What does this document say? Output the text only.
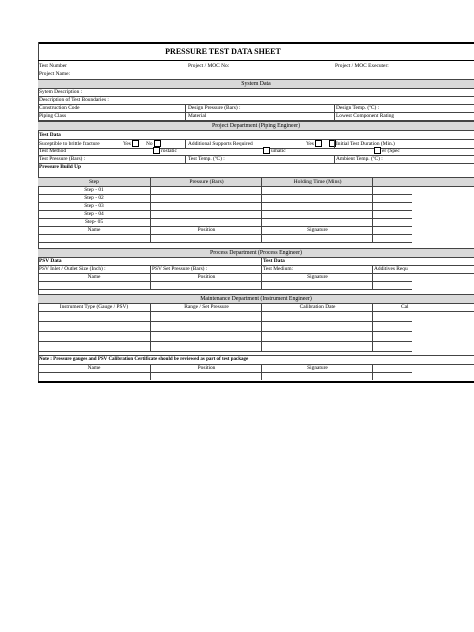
PRESSURE TEST DATA SHEET
Test Number	Project / MOC No:	Project / MOC Executer:
Project Name:
System Data
Sytem Description :
Description of Test Boundaries :
Construction Code	Design Pressure (Bars) :	Design Temp. (ºC) :
Piping Class	Material	Lowest Component Rating
Project Department (Piping Engineer)
Test Data
Suceptible to brittle fracture	Yes	No	Additional Supports Required	Yes	Initial Test Duration (Min.)
Test Method	rostatic	umatic	er (Spec
Test Pressure (Bars) :	Test Temp. (ºC) :	Ambient Temp. (ºC) :
Pressure Build Up
Step	Pressure (Bars)	Holding Time (Mins)
Step - 01
Step - 02
Step - 03
Step - 04
Step- 05
Name	Position	Signature
Process Department (Process Engineer)
PSV Data	Test Data
PSV Inlet / Outlet Size (Inch) :	PSV Set Pressure (Bars) :	Test Medium:	Additives Requ
Name	Position	Signature
Maintenance Department (Instrument Engineer)
Instrument Type (Gauge / PSV)	Range / Set Pressure	Calibration Date	Cal
Note : Pressure gauges and PSV Calibration Certificate should be reviewed as part of test package
Name	Position	Signature
